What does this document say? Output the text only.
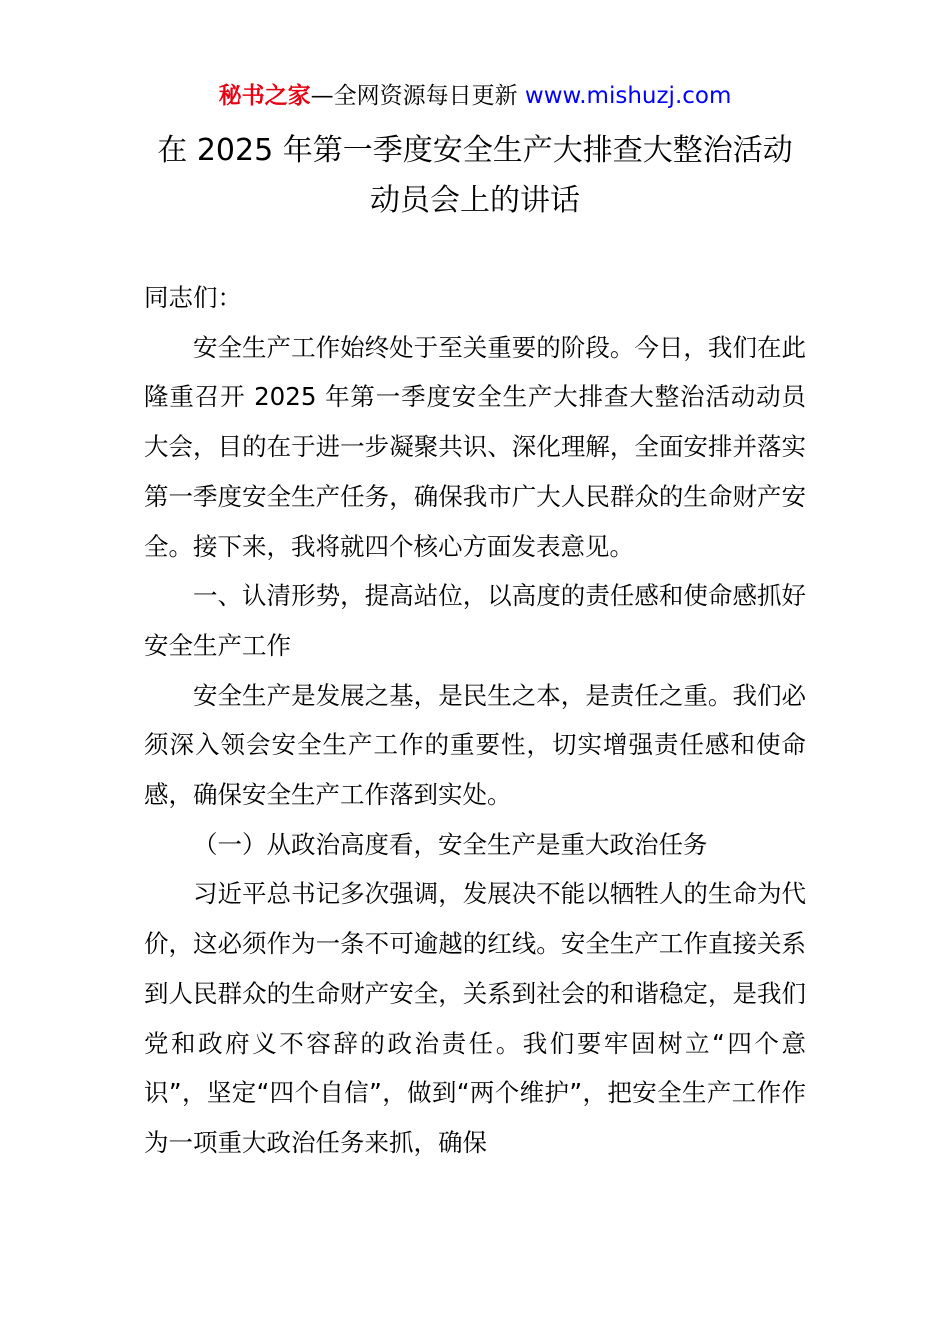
秘书之家—全网资源每日更新 www.mishuzj.com
在 2025 年第一季度安全生产大排查大整治活动
动员会上的讲话

同志们：

安全生产工作始终处于至关重要的阶段。今日，我们在此隆重召开 2025 年第一季度安全生产大排查大整治活动动员大会，目的在于进一步凝聚共识、深化理解，全面安排并落实第一季度安全生产任务，确保我市广大人民群众的生命财产安全。接下来，我将就四个核心方面发表意见。

一、认清形势，提高站位，以高度的责任感和使命感抓好安全生产工作

安全生产是发展之基，是民生之本，是责任之重。我们必须深入领会安全生产工作的重要性，切实增强责任感和使命感，确保安全生产工作落到实处。

（一）从政治高度看，安全生产是重大政治任务

习近平总书记多次强调，发展决不能以牺牲人的生命为代价，这必须作为一条不可逾越的红线。安全生产工作直接关系到人民群众的生命财产安全，关系到社会的和谐稳定，是我们党和政府义不容辞的政治责任。我们要牢固树立“四个意识”，坚定“四个自信”，做到“两个维护”，把安全生产工作作为一项重大政治任务来抓，确保
